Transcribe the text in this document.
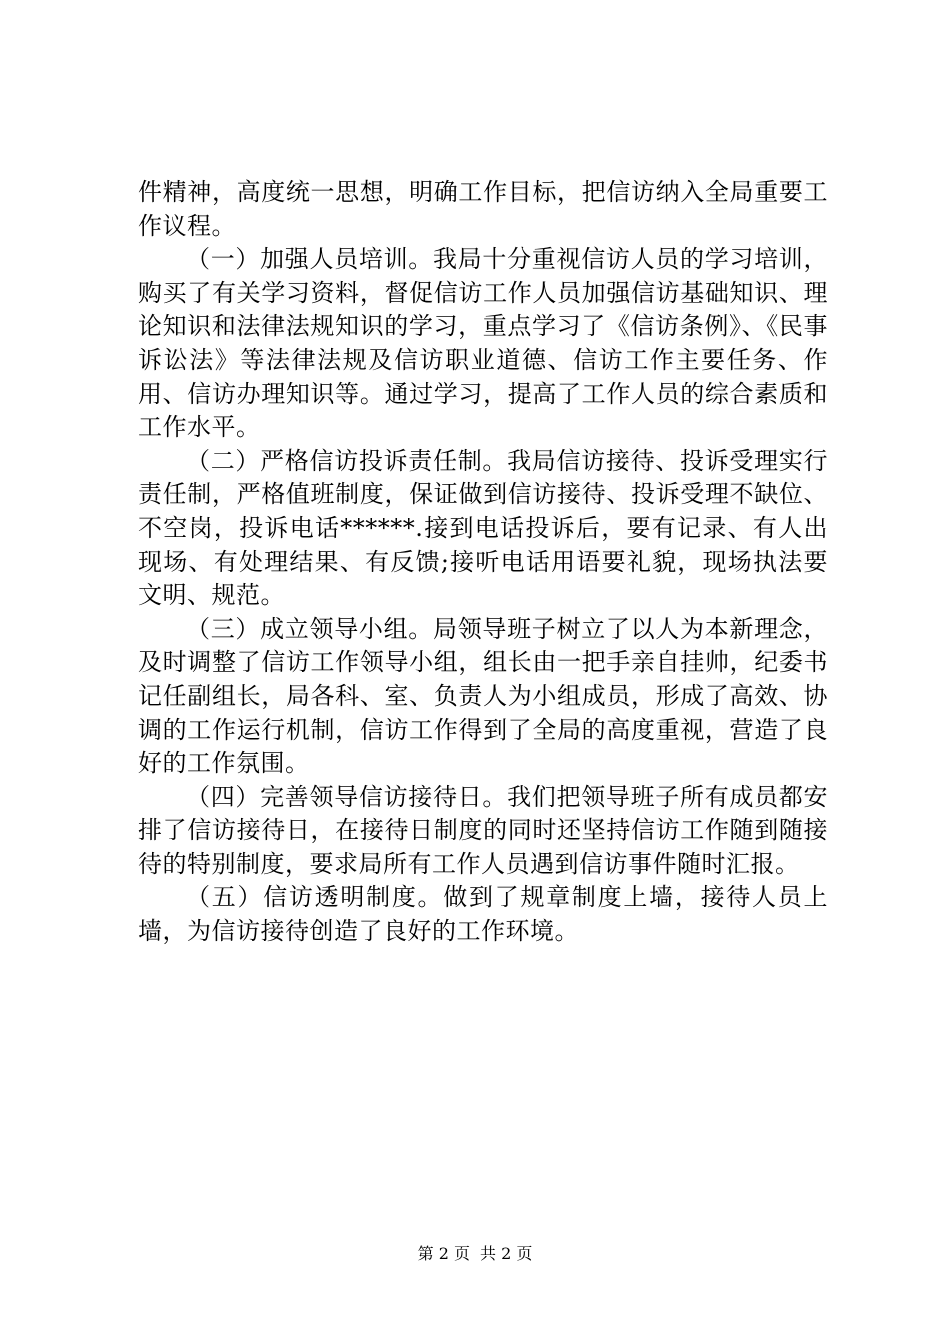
件精神，高度统一思想，明确工作目标，把信访纳入全局重要工作议程。

（一）加强人员培训。我局十分重视信访人员的学习培训，购买了有关学习资料，督促信访工作人员加强信访基础知识、理论知识和法律法规知识的学习，重点学习了《信访条例》、《民事诉讼法》等法律法规及信访职业道德、信访工作主要任务、作用、信访办理知识等。通过学习，提高了工作人员的综合素质和工作水平。

（二）严格信访投诉责任制。我局信访接待、投诉受理实行责任制，严格值班制度，保证做到信访接待、投诉受理不缺位、不空岗，投诉电话******.接到电话投诉后，要有记录、有人出现场、有处理结果、有反馈;接听电话用语要礼貌，现场执法要文明、规范。

（三）成立领导小组。局领导班子树立了以人为本新理念，及时调整了信访工作领导小组，组长由一把手亲自挂帅，纪委书记任副组长，局各科、室、负责人为小组成员，形成了高效、协调的工作运行机制，信访工作得到了全局的高度重视，营造了良好的工作氛围。

（四）完善领导信访接待日。我们把领导班子所有成员都安排了信访接待日，在接待日制度的同时还坚持信访工作随到随接待的特别制度，要求局所有工作人员遇到信访事件随时汇报。

（五）信访透明制度。做到了规章制度上墙，接待人员上墙，为信访接待创造了良好的工作环境。

第 2 页 共 2 页
